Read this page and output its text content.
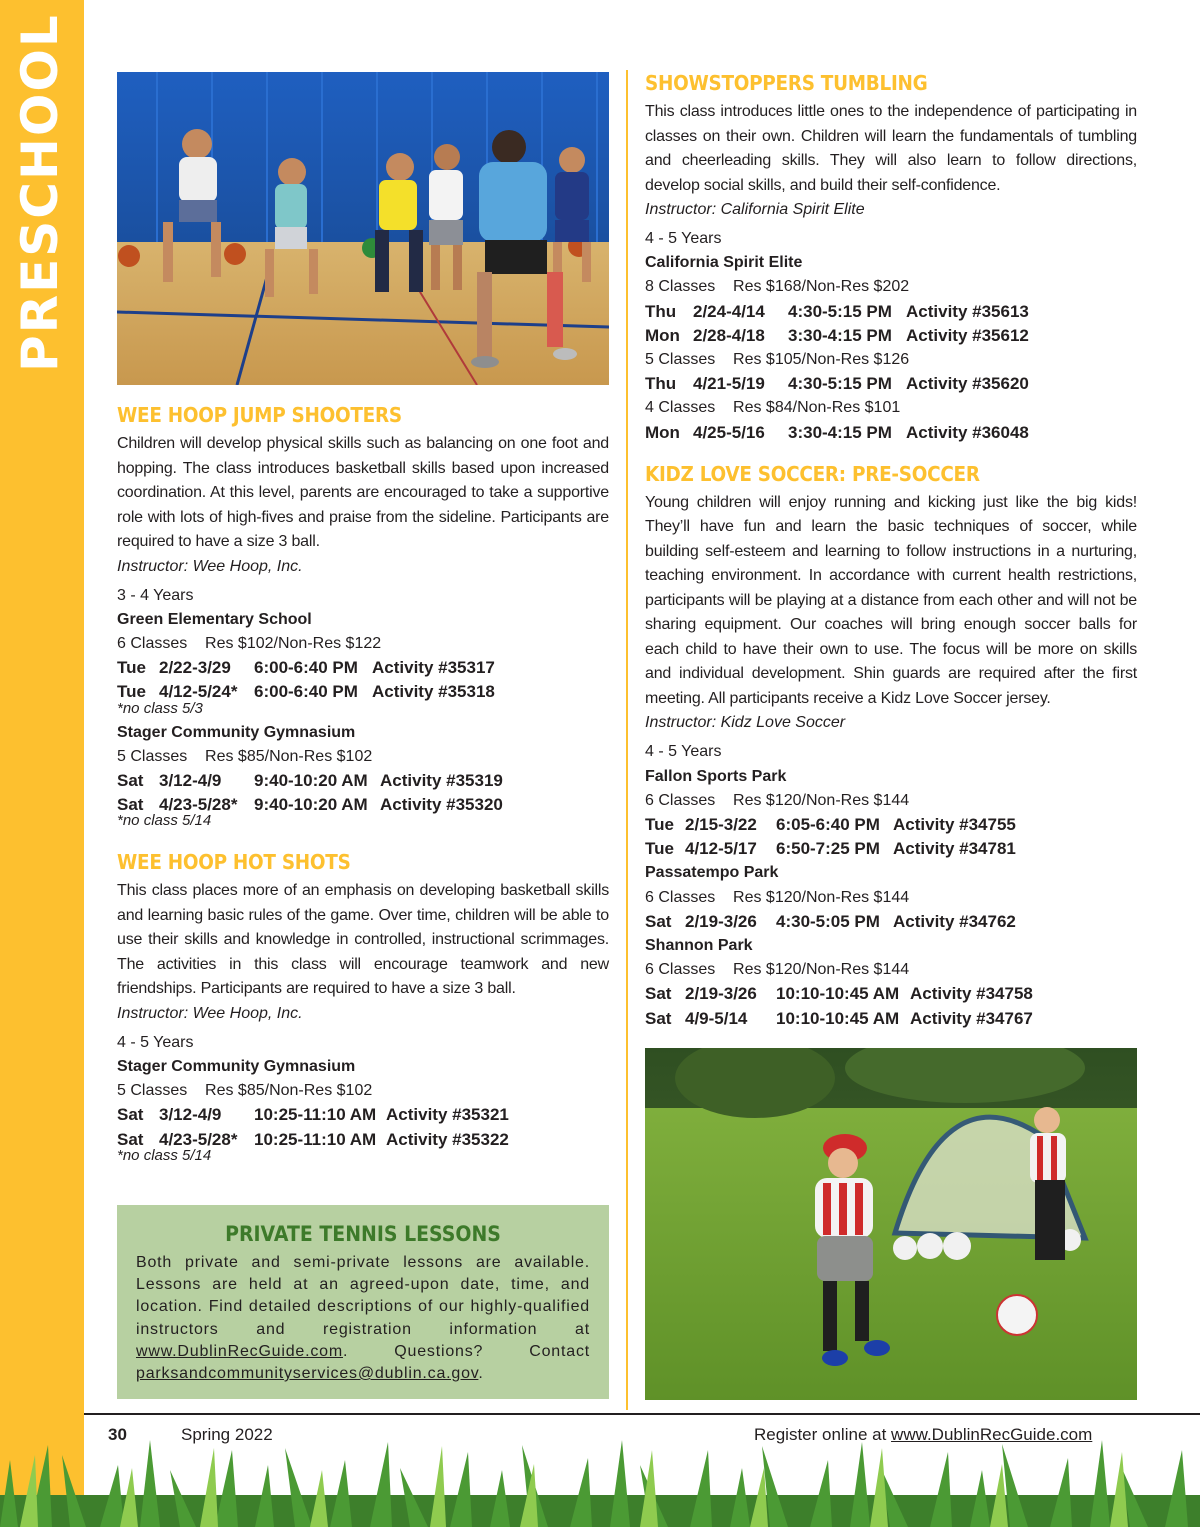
PRESCHOOL
WEE HOOP JUMP SHOOTERS

Children will develop physical skills such as balancing on one foot and hopping. The class introduces basketball skills based upon increased coordination. At this level, parents are encouraged to take a supportive role with lots of high-fives and praise from the sideline. Participants are required to have a size 3 ball.

Instructor: Wee Hoop, Inc.

3 - 4 Years
Green Elementary School
6 Classes    Res $102/Non-Res $122
Tue 2/22-3/29	6:00-6:40 PM Activity #35317
Tue 4/12-5/24* 6:00-6:40 PM Activity #35318
*no class 5/3
Stager Community Gymnasium
5 Classes    Res $85/Non-Res $102
Sat 3/12-4/9	9:40-10:20 AM Activity #35319
Sat 4/23-5/28* 9:40-10:20 AM Activity #35320
*no class 5/14
WEE HOOP HOT SHOTS

This class places more of an emphasis on developing basketball skills and learning basic rules of the game. Over time, children will be able to use their skills and knowledge in controlled, instructional scrimmages. The activities in this class will encourage teamwork and new friendships. Participants are required to have a size 3 ball.

Instructor: Wee Hoop, Inc.

4 - 5 Years
Stager Community Gymnasium
5 Classes    Res $85/Non-Res $102
Sat 3/12-4/9	10:25-11:10 AM Activity #35321
Sat 4/23-5/28* 10:25-11:10 AM Activity #35322
*no class 5/14
PRIVATE TENNIS LESSONS

Both private and semi-private lessons are available. Lessons are held at an agreed-upon date, time, and location. Find detailed descriptions of our highly-qualified instructors and registration information at www.DublinRecGuide.com. Questions? Contact parksandcommunityservices@dublin.ca.gov.

SHOWSTOPPERS TUMBLING

This class introduces little ones to the independence of participating in classes on their own. Children will learn the fundamentals of tumbling and cheerleading skills. They will also learn to follow directions, develop social skills, and build their self-confidence.

Instructor: California Spirit Elite

4 - 5 Years
California Spirit Elite
8 Classes    Res $168/Non-Res $202
Thu 2/24-4/14	4:30-5:15 PM Activity #35613
Mon 2/28-4/18	3:30-4:15 PM Activity #35612
5 Classes    Res $105/Non-Res $126
Thu 4/21-5/19	4:30-5:15 PM Activity #35620
4 Classes    Res $84/Non-Res $101
Mon 4/25-5/16	3:30-4:15 PM Activity #36048
KIDZ LOVE SOCCER: PRE-SOCCER

Young children will enjoy running and kicking just like the big kids! They’ll have fun and learn the basic techniques of soccer, while building self-esteem and learning to follow instructions in a nurturing, teaching environment. In accordance with current health restrictions, participants will be playing at a distance from each other and will not be sharing equipment. Our coaches will bring enough soccer balls for each child to have their own to use. The focus will be more on skills and individual development. Shin guards are required after the first meeting. All participants receive a Kidz Love Soccer jersey.

Instructor: Kidz Love Soccer

4 - 5 Years
Fallon Sports Park
6 Classes    Res $120/Non-Res $144
Tue 2/15-3/22	6:05-6:40 PM Activity #34755
Tue 4/12-5/17	6:50-7:25 PM Activity #34781
Passatempo Park
6 Classes    Res $120/Non-Res $144
Sat 2/19-3/26	4:30-5:05 PM Activity #34762
Shannon Park
6 Classes    Res $120/Non-Res $144
Sat 2/19-3/26	10:10-10:45 AM Activity #34758
Sat 4/9-5/14	10:10-10:45 AM Activity #34767
30	Spring 2022	Register online at www.DublinRecGuide.com
